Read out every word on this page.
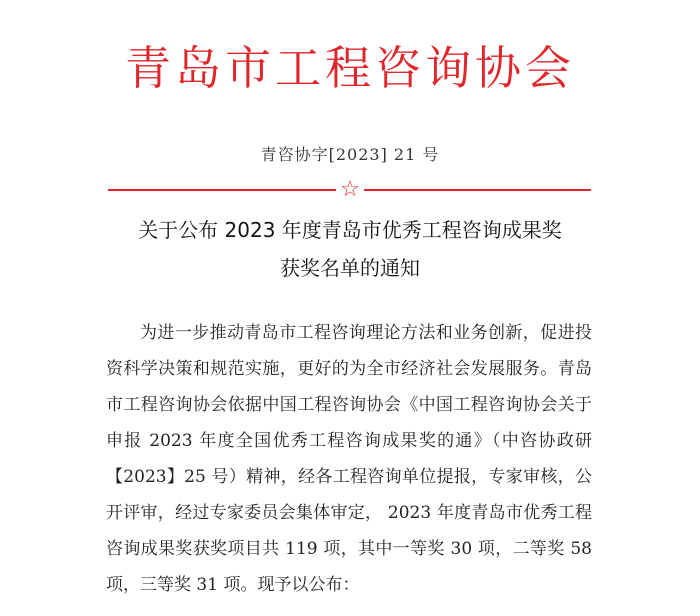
青岛市工程咨询协会
青咨协字[2023] 21 号
☆
关于公布 2023 年度青岛市优秀工程咨询成果奖
获奖名单的通知

为进一步推动青岛市工程咨询理论方法和业务创新，促进投资科学决策和规范实施，更好的为全市经济社会发展服务。青岛市工程咨询协会依据中国工程咨询协会《中国工程咨询协会关于申报 2023 年度全国优秀工程咨询成果奖的通》（中咨协政研【2023】25 号）精神，经各工程咨询单位提报，专家审核，公开评审，经过专家委员会集体审定， 2023 年度青岛市优秀工程咨询成果奖获奖项目共 119 项，其中一等奖 30 项，二等奖 58 项，三等奖 31 项。现予以公布：
